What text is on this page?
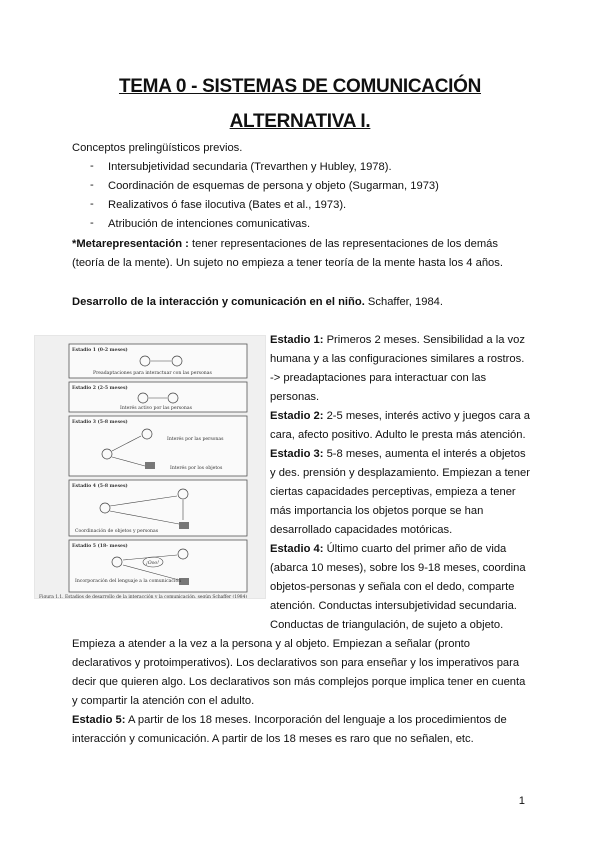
TEMA 0 - SISTEMAS DE COMUNICACIÓN
ALTERNATIVA I.
Conceptos prelingüísticos previos.
- Intersubjetividad secundaria (Trevarthen y Hubley, 1978).
- Coordinación de esquemas de persona y objeto (Sugarman, 1973)
- Realizativos ó fase ilocutiva (Bates et al., 1973).
- Atribución de intenciones comunicativas.
*Metarepresentación : tener representaciones de las representaciones de los demás
(teoría de la mente). Un sujeto no empieza a tener teoría de la mente hasta los 4 años.
Desarrollo de la interacción y comunicación en el niño. Schaffer, 1984.
Estadio 1 (0-2 meses)
Preadaptaciones para interactuar con las personas
Estadio 2 (2-5 meses)
Interés activo por las personas
Estadio 3 (5-8 meses)
Interés por las personas
Interés por los objetos
Estadio 4 (5-8 meses)
Coordinación de objetos y personas
Estadio 5 (18- meses)
¡Ooo!
Incorporación del lenguaje a la comunicación
Figura 1.1. Estadios de desarrollo de la interacción y la comunicación, según Schaffer (1984)
Estadio 1: Primeros 2 meses. Sensibilidad a la voz
humana y a las configuraciones similares a rostros.
-> preadaptaciones para interactuar con las
personas.
Estadio 2: 2-5 meses, interés activo y juegos cara a
cara, afecto positivo. Adulto le presta más atención.
Estadio 3: 5-8 meses, aumenta el interés a objetos
y des. prensión y desplazamiento. Empiezan a tener
ciertas capacidades perceptivas, empieza a tener
más importancia los objetos porque se han
desarrollado capacidades motóricas.
Estadio 4: Último cuarto del primer año de vida
(abarca 10 meses), sobre los 9-18 meses, coordina
objetos-personas y señala con el dedo, comparte
atención. Conductas intersubjetividad secundaria.
Conductas de triangulación, de sujeto a objeto.
Empieza a atender a la vez a la persona y al objeto. Empiezan a señalar (pronto
declarativos y protoimperativos). Los declarativos son para enseñar y los imperativos para
decir que quieren algo. Los declarativos son más complejos porque implica tener en cuenta
y compartir la atención con el adulto.
Estadio 5: A partir de los 18 meses. Incorporación del lenguaje a los procedimientos de
interacción y comunicación. A partir de los 18 meses es raro que no señalen, etc.
1
